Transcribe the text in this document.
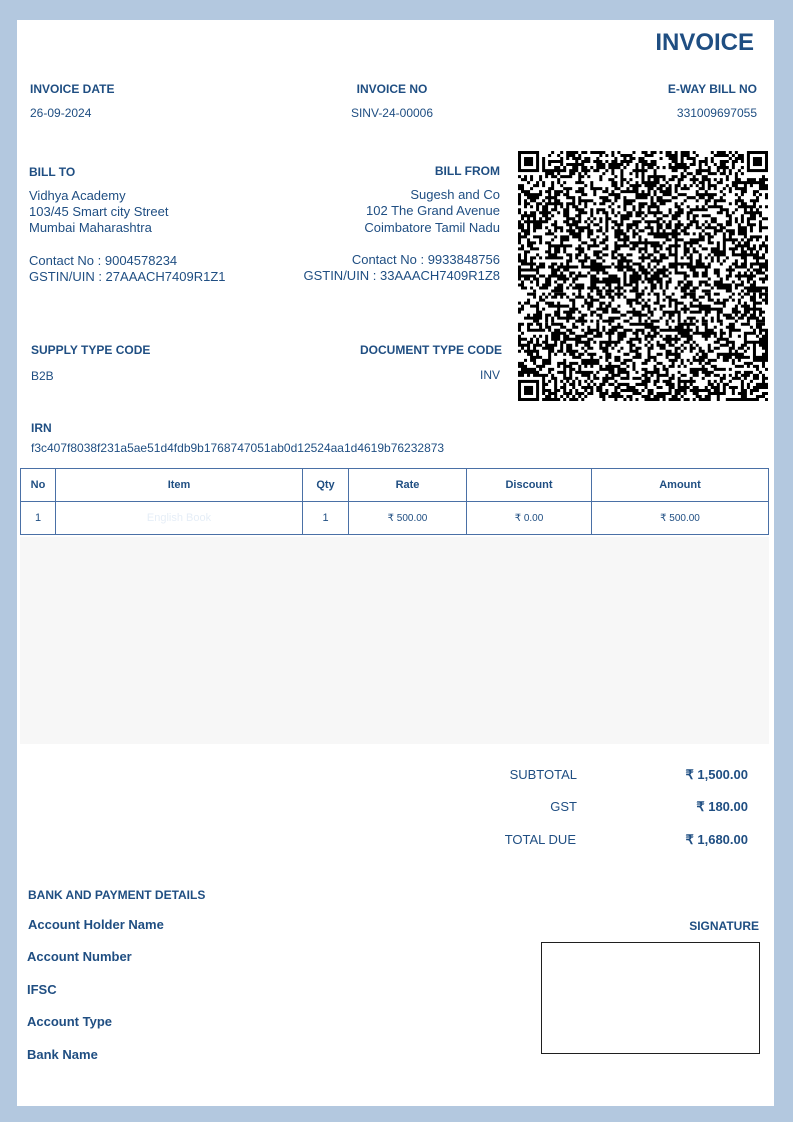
INVOICE
INVOICE DATE
26-09-2024
INVOICE NO
SINV-24-00006
E-WAY BILL NO
331009697055
BILL TO
Vidhya Academy
103/45 Smart city Street
Mumbai Maharashtra
Contact No : 9004578234
GSTIN/UIN : 27AAACH7409R1Z1
BILL FROM
Sugesh and Co
102 The Grand Avenue
Coimbatore Tamil Nadu
Contact No : 9933848756
GSTIN/UIN : 33AAACH7409R1Z8
SUPPLY TYPE CODE
B2B
DOCUMENT TYPE CODE
INV
IRN
f3c407f8038f231a5ae51d4fdb9b1768747051ab0d12524aa1d4619b76232873
No	Item	Qty	Rate	Discount	Amount
1	English Book	1	₹ 500.00	₹ 0.00	₹ 500.00
SUBTOTAL	₹ 1,500.00
GST	₹ 180.00
TOTAL DUE	₹ 1,680.00
BANK AND PAYMENT DETAILS
Account Holder Name
Account Number
IFSC
Account Type
Bank Name
SIGNATURE
